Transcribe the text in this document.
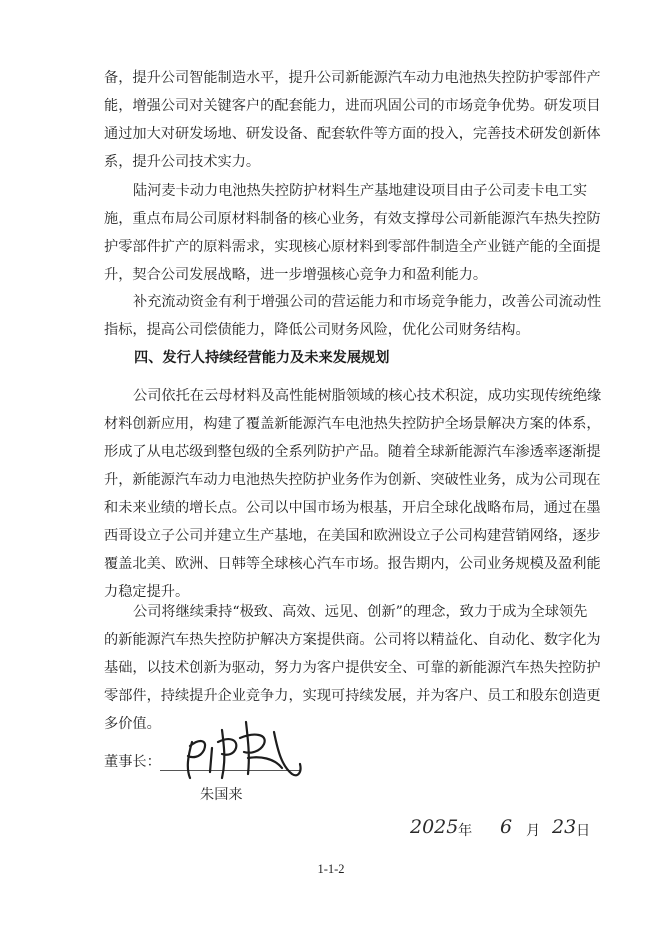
备，提升公司智能制造水平，提升公司新能源汽车动力电池热失控防护零部件产
能，增强公司对关键客户的配套能力，进而巩固公司的市场竞争优势。研发项目
通过加大对研发场地、研发设备、配套软件等方面的投入，完善技术研发创新体
系，提升公司技术实力。

陆河麦卡动力电池热失控防护材料生产基地建设项目由子公司麦卡电工实
施，重点布局公司原材料制备的核心业务，有效支撑母公司新能源汽车热失控防
护零部件扩产的原料需求，实现核心原材料到零部件制造全产业链产能的全面提
升，契合公司发展战略，进一步增强核心竞争力和盈利能力。

补充流动资金有利于增强公司的营运能力和市场竞争能力，改善公司流动性
指标，提高公司偿债能力，降低公司财务风险，优化公司财务结构。

四、发行人持续经营能力及未来发展规划

公司依托在云母材料及高性能树脂领域的核心技术积淀，成功实现传统绝缘
材料创新应用，构建了覆盖新能源汽车电池热失控防护全场景解决方案的体系，
形成了从电芯级到整包级的全系列防护产品。随着全球新能源汽车渗透率逐渐提
升，新能源汽车动力电池热失控防护业务作为创新、突破性业务，成为公司现在
和未来业绩的增长点。公司以中国市场为根基，开启全球化战略布局，通过在墨
西哥设立子公司并建立生产基地，在美国和欧洲设立子公司构建营销网络，逐步
覆盖北美、欧洲、日韩等全球核心汽车市场。报告期内，公司业务规模及盈利能
力稳定提升。

公司将继续秉持“极致、高效、远见、创新”的理念，致力于成为全球领先
的新能源汽车热失控防护解决方案提供商。公司将以精益化、自动化、数字化为
基础，以技术创新为驱动，努力为客户提供安全、可靠的新能源汽车热失控防护
零部件，持续提升企业竞争力，实现可持续发展，并为客户、员工和股东创造更
多价值。

董事长：
朱国来
2025 年 6 月 23 日
1-1-2
